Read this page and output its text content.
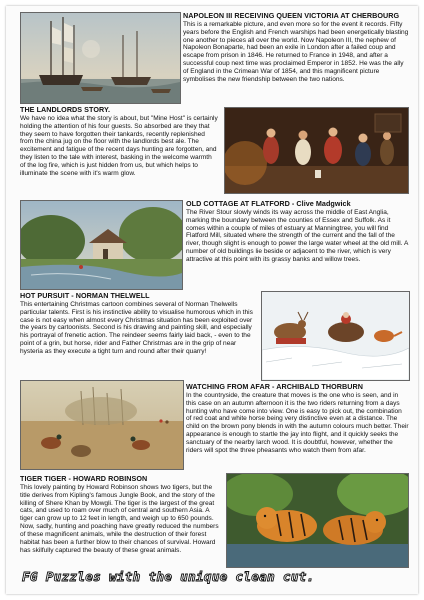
NAPOLEON III RECEIVING QUEEN VICTORIA AT CHERBOURG
This is a remarkable picture, and even more so for the event it records. Fifty years before the English and French warships had been energetically blasting one another to pieces all over the world. Now Napoleon III, the nephew of Napoleon Bonaparte, had been an exile in London after a failed coup and escape from prison in 1846. He returned to France in 1948, and after a successful coup next time was proclaimed Emperor in 1852. He was the ally of England in the Crimean War of 1854, and this magnificent picture symbolises the new friendship between the two nations.
THE LANDLORDS STORY.
We have no idea what the story is about, but "Mine Host" is certainly holding the attention of his four guests. So absorbed are they that they seem to have forgotten their tankards, recently replenished from the china jug on the floor with the landlords best ale. The excitement and fatigue of the recent days hunting are forgotten, and they listen to the tale with interest, basking in the welcome warmth of the log fire, which is just hidden from us, but which helps to illuminate the scene with it's warm glow.
OLD COTTAGE AT FLATFORD - Clive Madgwick
The River Stour slowly winds its way across the middle of East Anglia, marking the boundary between the counties of Essex and Suffolk. As it comes within a couple of miles of estuary at Manningtree, you will find Flatford Mill, situated where the strength of the current and the fall of the river, though slight is enough to power the large water wheel at the old mill. A number of old buildings lie beside or adjacent to the river, which is very attractive at this point with its grassy banks and willow trees.
HOT PURSUIT - NORMAN THELWELL
This entertaining Christmas cartoon combines several of Norman Thelwells particular talents. First is his instinctive ability to visualise humorous which in this case is not easy when almost every Christmas situation has been exploited over the years by cartoonists. Second is his drawing and painting skill, and especially his portrayal of frenetic action. The reindeer seems fairly laid back, - even to the point of a grin, but horse, rider and Father Christmas are in the grip of near hysteria as they execute a tight turn and round after their quarry!
WATCHING FROM AFAR - ARCHIBALD THORBURN
In the countryside, the creature that moves is the one who is seen, and in this case on an autumn afternoon it is the two riders returning from a days hunting who have come into view. One is easy to pick out, the combination of red coat and white horse being very distinctive even at a distance. The child on the brown pony blends in with the autumn colours much better. Their appearance is enough to startle the jay into flight, and it quickly seeks the sanctuary of the nearby larch wood. It is doubtful, however, whether the riders will spot the three pheasants who watch them from afar.
TIGER TIGER - HOWARD ROBINSON
This lovely painting by Howard Robinson shows two tigers, but the title derives from Kipling's famous Jungle Book, and the story of the killing of Shere Khan by Mowgli. The tiger is the largest of the great cats, and used to roam over much of central and southern Asia. A tiger can grow up to 12 feet in length, and weigh up to 650 pounds. Now, sadly, hunting and poaching have greatly reduced the numbers of these magnificent animals, while the destruction of their forest habitat has been a further blow to their chances of survival. Howard has skilfully captured the beauty of these great animals.
FG Puzzles with the unique clean cut.
